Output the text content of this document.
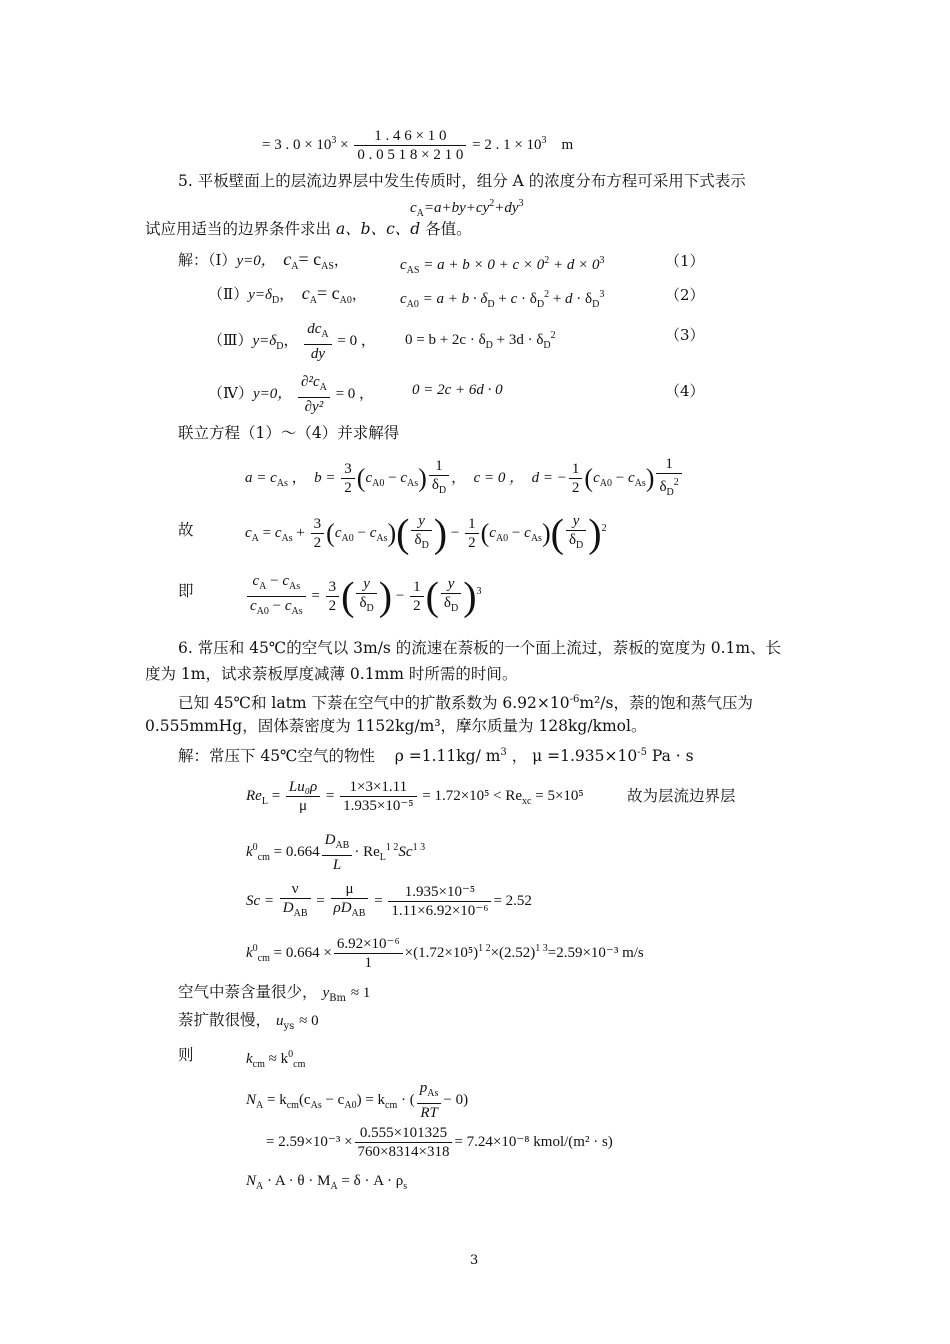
= 3 . $0 \times 10^3 \times \frac{1 . 4 6 \times 1 0}{0 . 0 5 1 8 \times 2 1 0} = 2$ . $1 \times 10^3$ m
5. 平板壁面上的层流边界层中发生传质时，组分 A 的浓度分布方程可采用下式表示
$c_A=a+by+cy^2+dy^3$
试应用适当的边界条件求出 a、b、c、d 各值。
解：（Ⅰ）y=0， $c_A= c_{AS}$，	$c_{AS} = a + b \times 0 + c \times 0^2 + d \times 0^3$	（1）
$(Ⅱ)y=\delta_D$，  $c_A= c_{A0}$， $c_{A0} = a + b \cdot \delta_D + c \cdot \delta_D^2 + d \cdot \delta_D^3$	（2）
$(Ⅲ)y=\delta_D$， $\frac{dc_A}{dy} = 0$ ， $0 = b + 2c \cdot \delta_D + 3d \cdot \delta_D^2$	（3）
（Ⅳ）y=0， $\frac{\partial^2c_A}{\text{∂y²}} = 0$ ，	0 = 2c + 6d · 0	（4）
联立方程（1）～（4）并求解得
$a = c_{As}$ ，  $b = \frac{3}{2} (c_{A0} - c_{As}) \frac{1}{\delta_D}$ ，  c = 0 ， d = − $\frac{1}{2} (c_{A0} - c_{As}) \frac{1}{\delta_D^2}$
故	$c_A = c_{As} + \frac{3}{2} (c_{A0} - c_{As})( \frac{y}{\delta_D}$ ) − $\frac{1}{2} (c_{A0} - c_{As})( \frac{y}{\delta_D} )^2$
即	$\frac{c_A - c_{As}}{c_{A0} - c_{As}} = \frac{3}{2}$ ( $\frac{y}{\delta_D}$ ) − $\frac{1}{2}$ ( $\frac{y}{\delta_D} )^3$
6. 常压和 45℃的空气以 3m/s 的流速在萘板的一个面上流过，萘板的宽度为 0.1m、长
度为 1m，试求萘板厚度减薄 0.1mm 时所需的时间。
已知 45℃和 latm 下萘在空气中的扩散系数为 $6.92\times 10^{-6}m^2/s$，萘的饱和蒸气压为
0.555mmHg，固体萘密度为 1152kg/m³，摩尔质量为 128kg/kmol。
解：常压下 45℃空气的物性 ρ =1.11kg/ $m^3$ ， $\mu =1.935\times 10^{-5}$ Pa · s
$Re_L = \frac{\text{Lu₀ρ}}{\mu} = \frac{1\times 3\times 1.11}{\text{1.935×10⁻⁵}} = 1.72\times 10^5 < Re_{xc} = 5\times 10^5$	故为层流边界层
$k^0_{cm} = 0.664 \frac{D_{AB}}{L} \cdot Re_L^{1 2}Sc^{1 3}$
$Sc = \frac{\nu}{D_{AB}} = \frac{\mu}{\rho D_{AB}} = \frac{\text{1.935×10⁻⁵}}{\text{1.11×6.92×10⁻⁶}} = 2.52$
$k^0_{cm} = 0.664 \times \frac{\text{6.92×10⁻⁶}}{1} \times(1.72\times 10^5)^{1 2}\times(2.52)^{1 3}=2.59\times 10^{-3}$ m/s
空气中萘含量很少， $y_{Bm} \approx 1$
萘扩散很慢， $u_{ys} \approx 0$
则	$k_{cm} \approx k^0_{cm}$
$N_A = k_{cm}(c_{As} - c_{A0}) = k_{cm}$ · ( $\frac{p_{As}}{RT} - 0$)
= $2.59\times 10^{-3} \times \frac{0.555\times 101325}{760\times 8314\times 318} = 7.24\times 10^{-8}$ kmol/(m² · s)
$N_A \cdot A \cdot \theta \cdot M_A = \delta \cdot A \cdot \rho_s$
3
